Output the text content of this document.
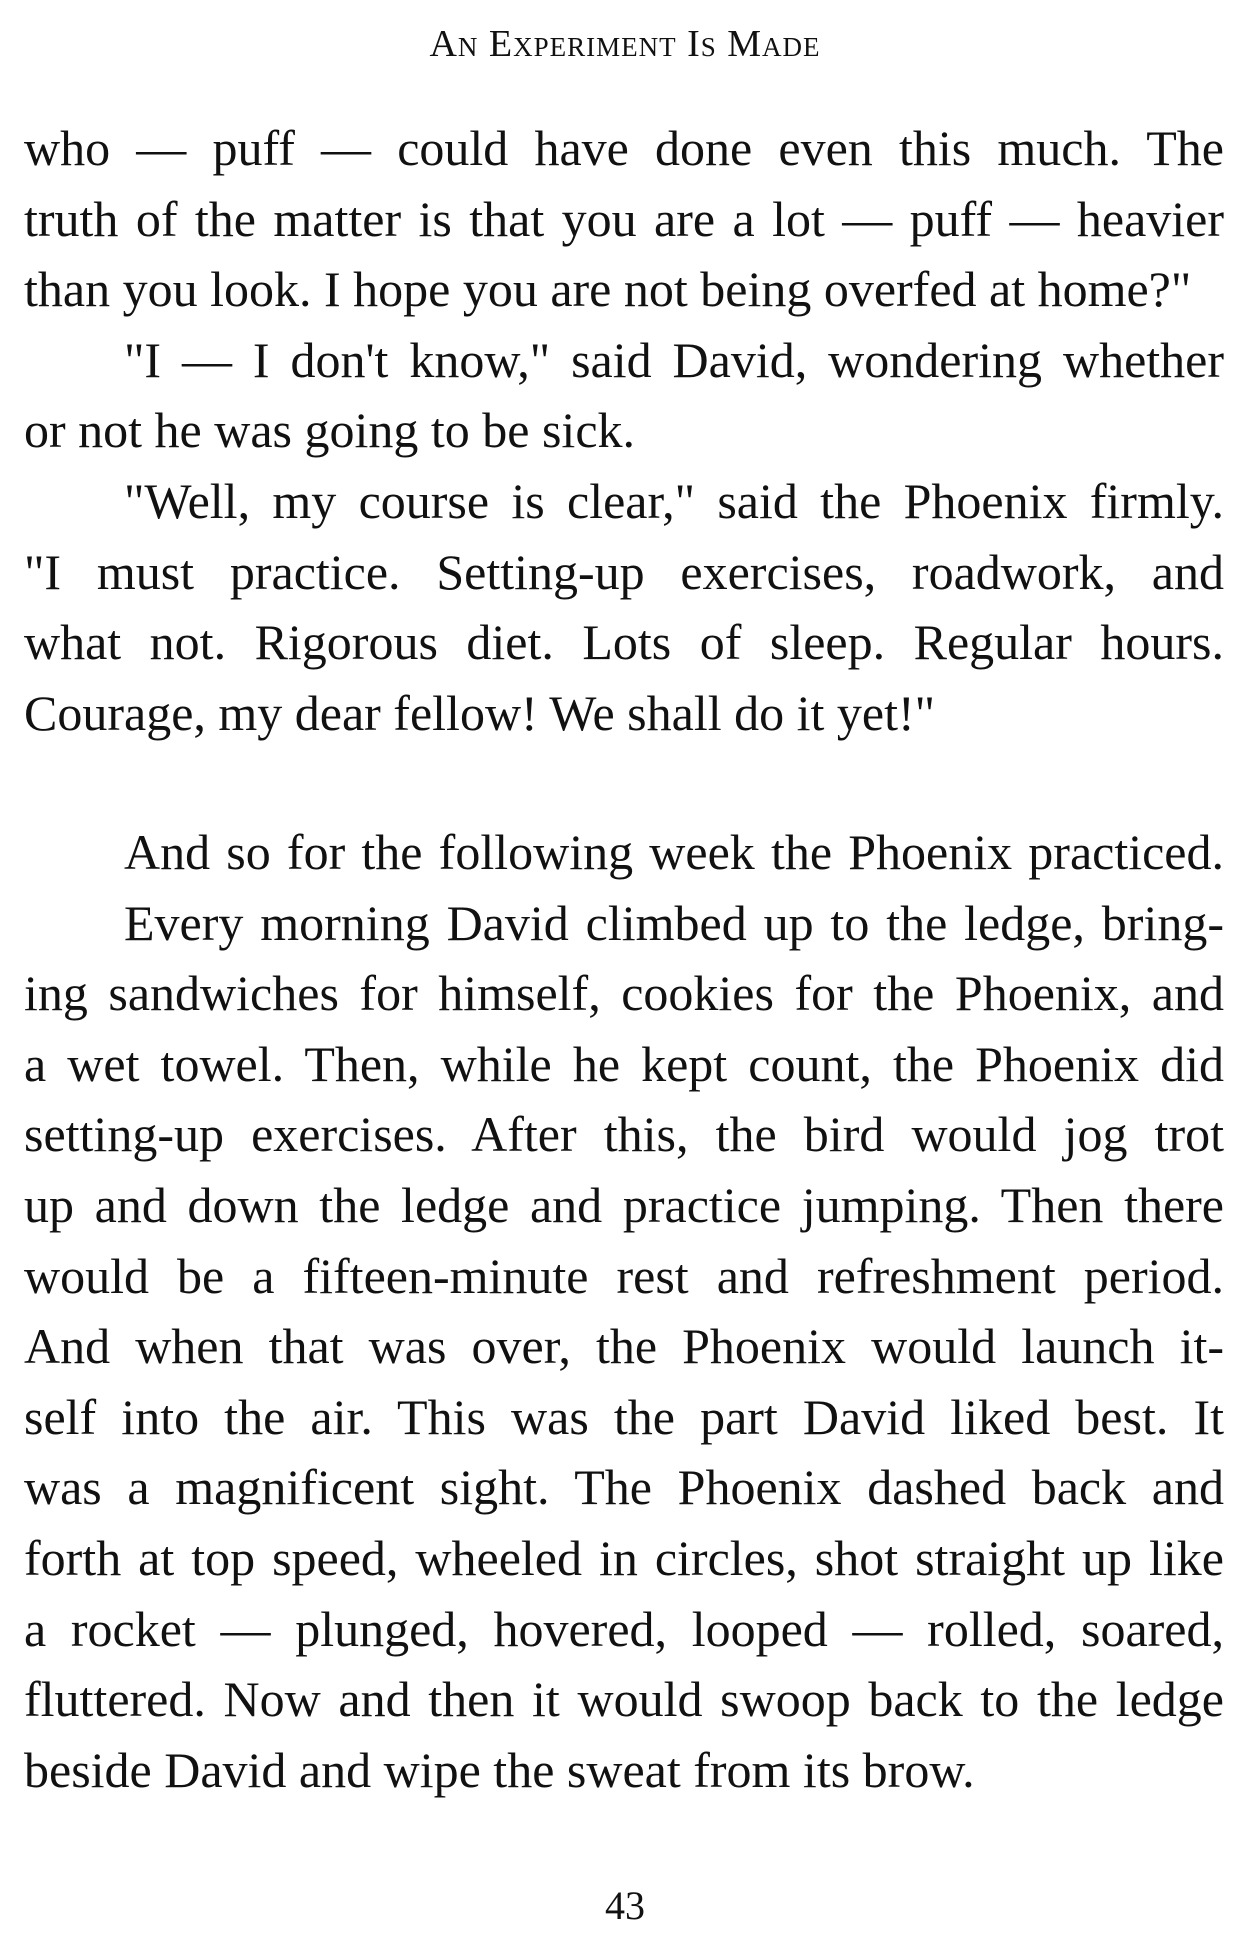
An Experiment Is Made
who — puff — could have done even this much. The
truth of the matter is that you are a lot — puff — heavier
than you look. I hope you are not being overfed at home?"
"I — I don't know," said David, wondering whether
or not he was going to be sick.
"Well, my course is clear," said the Phoenix firmly.
"I must practice. Setting-up exercises, roadwork, and
what not. Rigorous diet. Lots of sleep. Regular hours.
Courage, my dear fellow! We shall do it yet!"
And so for the following week the Phoenix practiced.
Every morning David climbed up to the ledge, bring-
ing sandwiches for himself, cookies for the Phoenix, and
a wet towel. Then, while he kept count, the Phoenix did
setting-up exercises. After this, the bird would jog trot
up and down the ledge and practice jumping. Then there
would be a fifteen-minute rest and refreshment period.
And when that was over, the Phoenix would launch it-
self into the air. This was the part David liked best. It
was a magnificent sight. The Phoenix dashed back and
forth at top speed, wheeled in circles, shot straight up like
a rocket — plunged, hovered, looped — rolled, soared,
fluttered. Now and then it would swoop back to the ledge
beside David and wipe the sweat from its brow.
43
